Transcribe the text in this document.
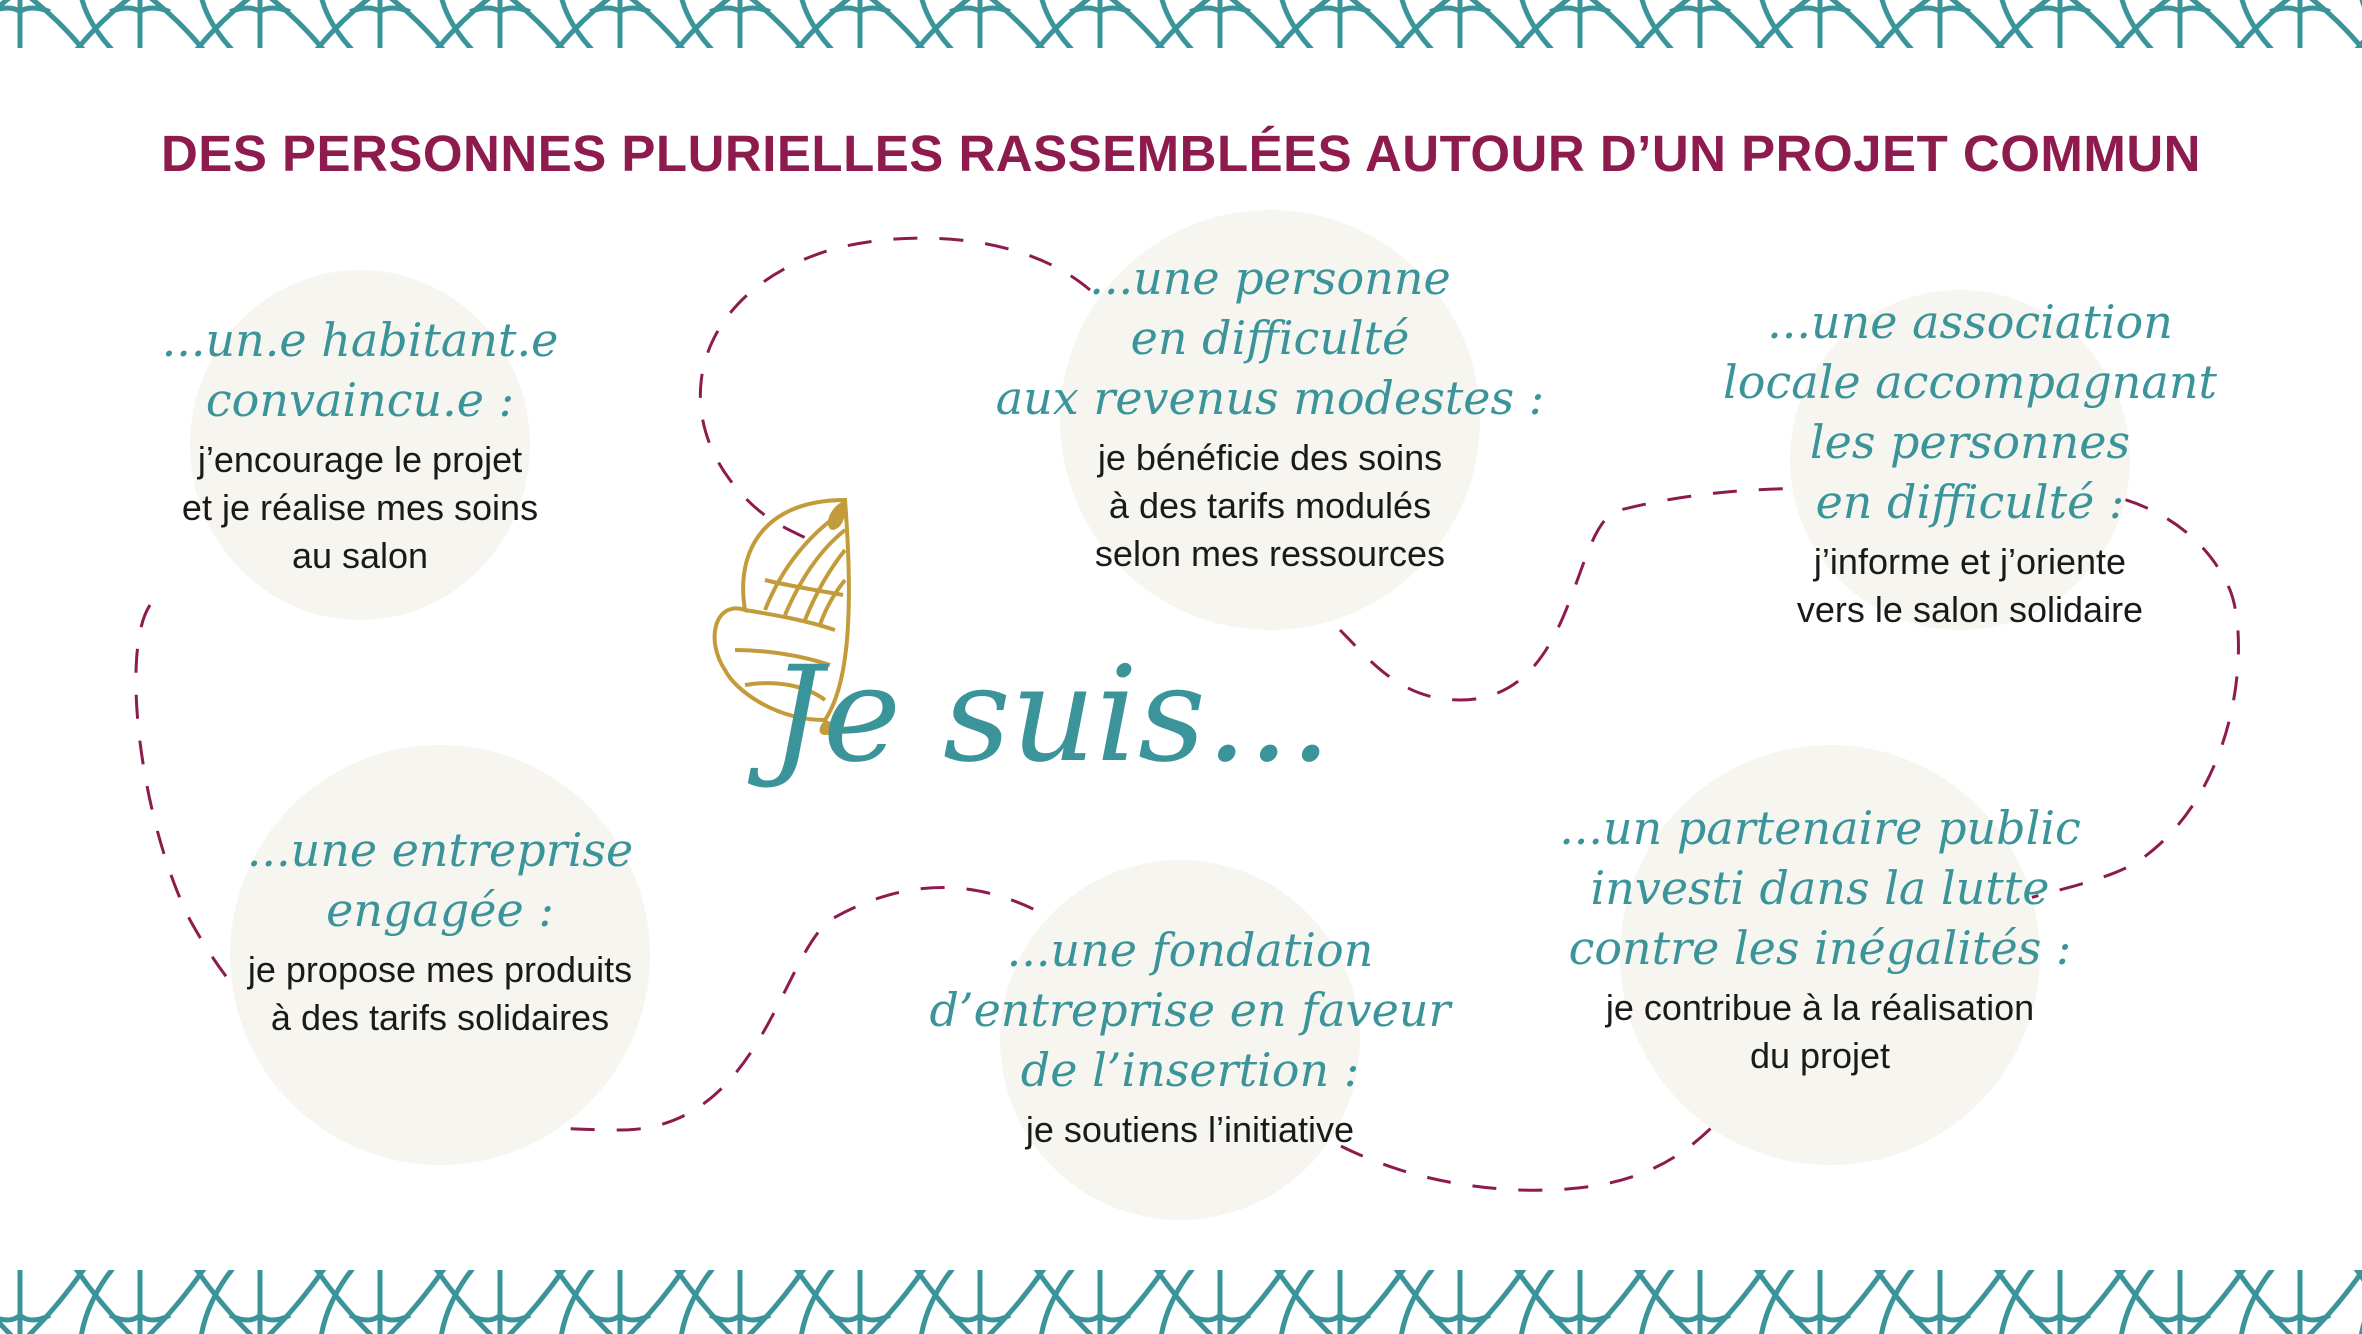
DES PERSONNES PLURIELLES RASSEMBLÉES AUTOUR D’UN PROJET COMMUN
...un.e habitant.e
convaincu.e :
j’encourage le projet
et je réalise mes soins
au salon
...une personne
en difficulté
aux revenus modestes :
je bénéficie des soins
à des tarifs modulés
selon mes ressources
...une association
locale accompagnant
les personnes
en difficulté :
j’informe et j’oriente
vers le salon solidaire
...une entreprise
engagée :
je propose mes produits
à des tarifs solidaires
...une fondation
d’entreprise en faveur
de l’insertion :
je soutiens l’initiative
...un partenaire public
investi dans la lutte
contre les inégalités :
je contribue à la réalisation
du projet
Je suis...
